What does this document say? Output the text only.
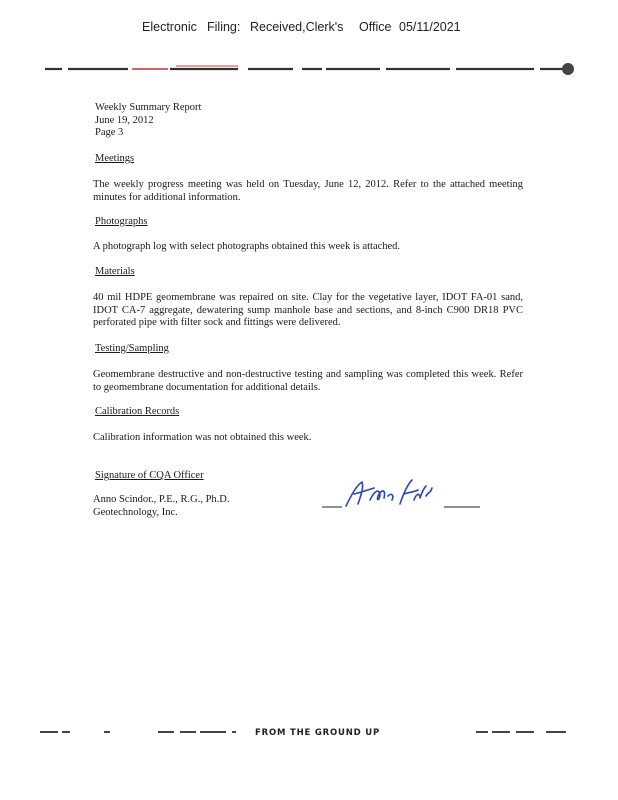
Electronic Filing: Received,Clerk's Office 05/11/2021
Weekly Summary Report
June 19, 2012
Page 3
Meetings
The weekly progress meeting was held on Tuesday, June 12, 2012. Refer to the attached meeting minutes for additional information.
Photographs
A photograph log with select photographs obtained this week is attached.
Materials
40 mil HDPE geomembrane was repaired on site. Clay for the vegetative layer, IDOT FA-01 sand, IDOT CA-7 aggregate, dewatering sump manhole base and sections, and 8-inch C900 DR18 PVC perforated pipe with filter sock and fittings were delivered.
Testing/Sampling
Geomembrane destructive and non-destructive testing and sampling was completed this week. Refer to geomembrane documentation for additional details.
Calibration Records
Calibration information was not obtained this week.
Signature of CQA Officer
Anno Scindor., P.E., R.G., Ph.D.
Geotechnology, Inc.
FROM THE GROUND UP
